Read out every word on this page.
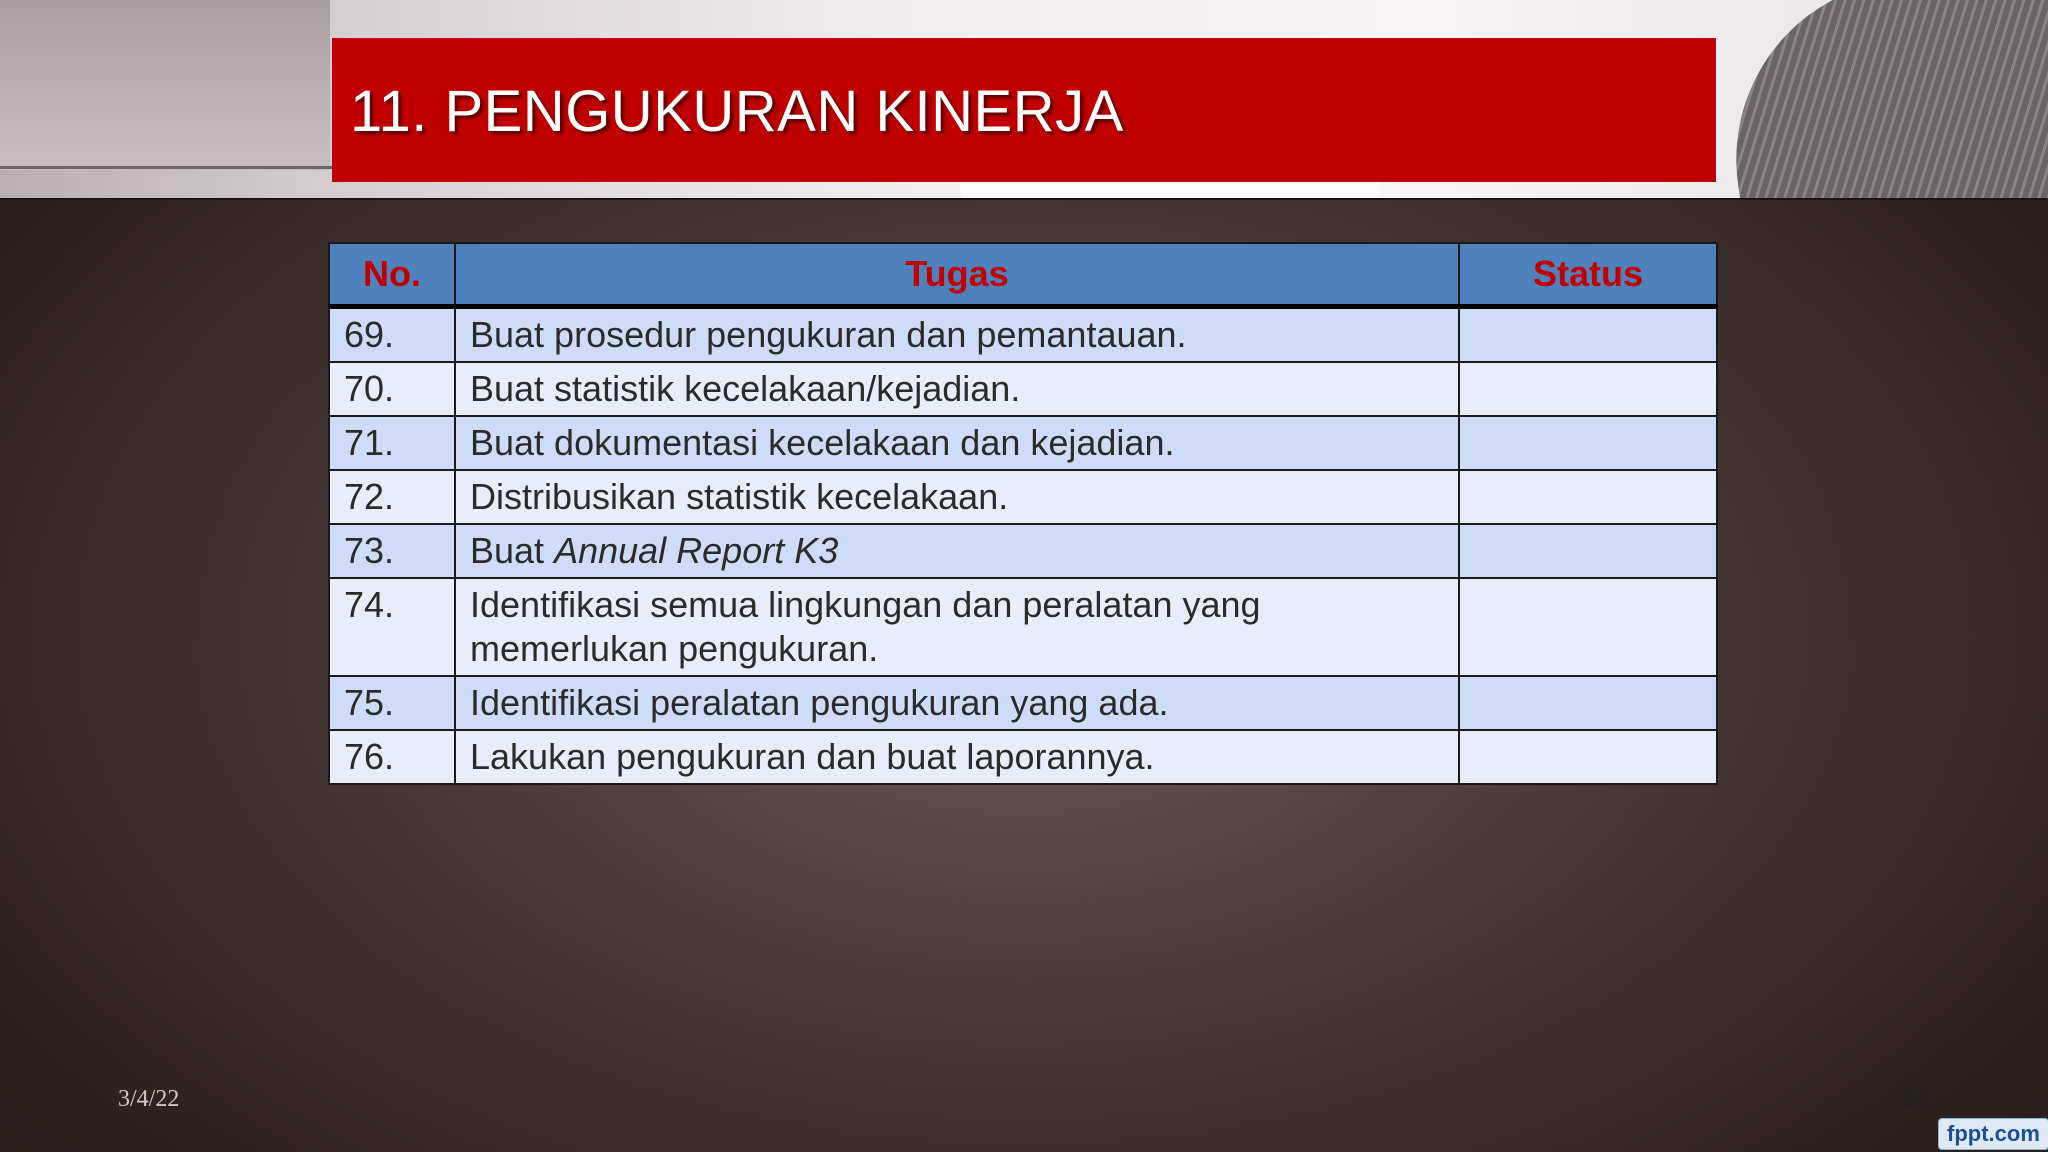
11. PENGUKURAN KINERJA
No.	Tugas	Status
69.	Buat prosedur pengukuran dan pemantauan.	
70.	Buat statistik kecelakaan/kejadian.	
71.	Buat dokumentasi kecelakaan dan kejadian.	
72.	Distribusikan statistik kecelakaan.	
73.	Buat Annual Report K3	
74.	Identifikasi semua lingkungan dan peralatan yang memerlukan pengukuran.	
75.	Identifikasi peralatan pengukuran yang ada.	
76.	Lakukan pengukuran dan buat laporannya.	
3/4/22	83
fppt.com
